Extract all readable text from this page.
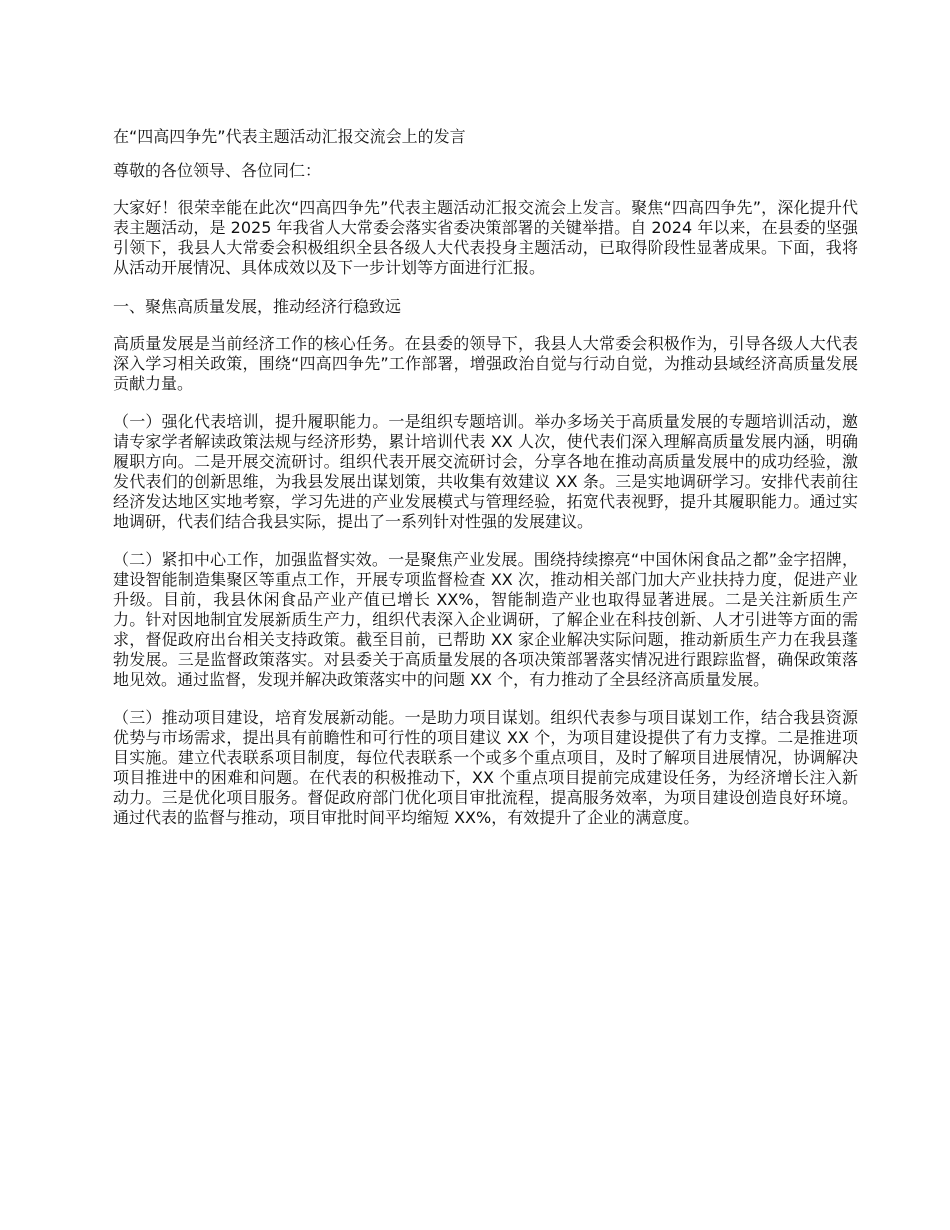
在“四高四争先”代表主题活动汇报交流会上的发言
尊敬的各位领导、各位同仁：

大家好！很荣幸能在此次“四高四争先”代表主题活动汇报交流会上发言。聚焦“四高四争先”，深化提升代表主题活动，是 2025 年我省人大常委会落实省委决策部署的关键举措。自 2024 年以来，在县委的坚强引领下，我县人大常委会积极组织全县各级人大代表投身主题活动，已取得阶段性显著成果。下面，我将从活动开展情况、具体成效以及下一步计划等方面进行汇报。

一、聚焦高质量发展，推动经济行稳致远

高质量发展是当前经济工作的核心任务。在县委的领导下，我县人大常委会积极作为，引导各级人大代表深入学习相关政策，围绕“四高四争先”工作部署，增强政治自觉与行动自觉，为推动县域经济高质量发展贡献力量。

（一）强化代表培训，提升履职能力。一是组织专题培训。举办多场关于高质量发展的专题培训活动，邀请专家学者解读政策法规与经济形势，累计培训代表 XX 人次，使代表们深入理解高质量发展内涵，明确履职方向。二是开展交流研讨。组织代表开展交流研讨会，分享各地在推动高质量发展中的成功经验，激发代表们的创新思维，为我县发展出谋划策，共收集有效建议 XX 条。三是实地调研学习。安排代表前往经济发达地区实地考察，学习先进的产业发展模式与管理经验，拓宽代表视野，提升其履职能力。通过实地调研，代表们结合我县实际，提出了一系列针对性强的发展建议。

（二）紧扣中心工作，加强监督实效。一是聚焦产业发展。围绕持续擦亮“中国休闲食品之都”金字招牌，建设智能制造集聚区等重点工作，开展专项监督检查 XX 次，推动相关部门加大产业扶持力度，促进产业升级。目前，我县休闲食品产业产值已增长 XX%，智能制造产业也取得显著进展。二是关注新质生产力。针对因地制宜发展新质生产力，组织代表深入企业调研，了解企业在科技创新、人才引进等方面的需求，督促政府出台相关支持政策。截至目前，已帮助 XX 家企业解决实际问题，推动新质生产力在我县蓬勃发展。三是监督政策落实。对县委关于高质量发展的各项决策部署落实情况进行跟踪监督，确保政策落地见效。通过监督，发现并解决政策落实中的问题 XX 个，有力推动了全县经济高质量发展。

（三）推动项目建设，培育发展新动能。一是助力项目谋划。组织代表参与项目谋划工作，结合我县资源优势与市场需求，提出具有前瞻性和可行性的项目建议 XX 个，为项目建设提供了有力支撑。二是推进项目实施。建立代表联系项目制度，每位代表联系一个或多个重点项目，及时了解项目进展情况，协调解决项目推进中的困难和问题。在代表的积极推动下，XX 个重点项目提前完成建设任务，为经济增长注入新动力。三是优化项目服务。督促政府部门优化项目审批流程，提高服务效率，为项目建设创造良好环境。通过代表的监督与推动，项目审批时间平均缩短 XX%，有效提升了企业的满意度。
